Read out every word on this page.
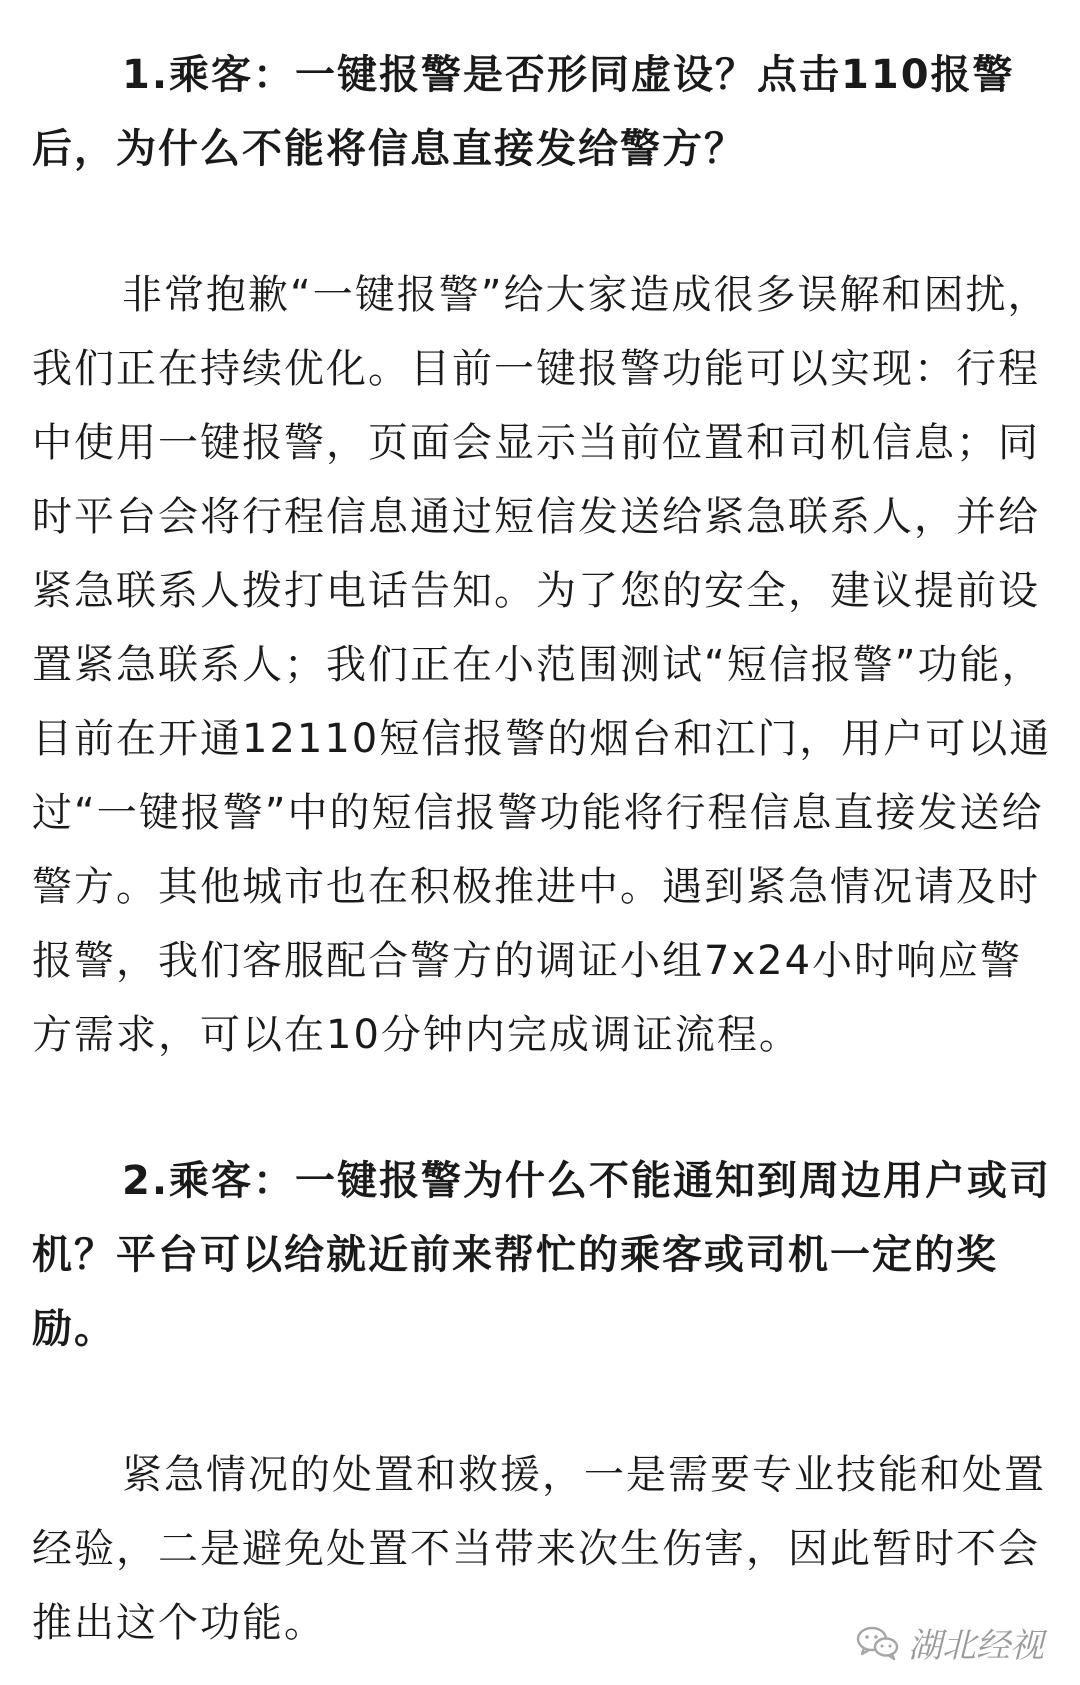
1.乘客：一键报警是否形同虚设？点击110报警后，为什么不能将信息直接发给警方？

非常抱歉“一键报警”给大家造成很多误解和困扰，我们正在持续优化。目前一键报警功能可以实现：行程中使用一键报警，页面会显示当前位置和司机信息；同时平台会将行程信息通过短信发送给紧急联系人，并给紧急联系人拨打电话告知。为了您的安全，建议提前设置紧急联系人；我们正在小范围测试“短信报警”功能，目前在开通12110短信报警的烟台和江门，用户可以通过“一键报警”中的短信报警功能将行程信息直接发送给警方。其他城市也在积极推进中。遇到紧急情况请及时报警，我们客服配合警方的调证小组7x24小时响应警方需求，可以在10分钟内完成调证流程。

2.乘客：一键报警为什么不能通知到周边用户或司机？平台可以给就近前来帮忙的乘客或司机一定的奖励。

紧急情况的处置和救援，一是需要专业技能和处置经验，二是避免处置不当带来次生伤害，因此暂时不会推出这个功能。	湖北经视
